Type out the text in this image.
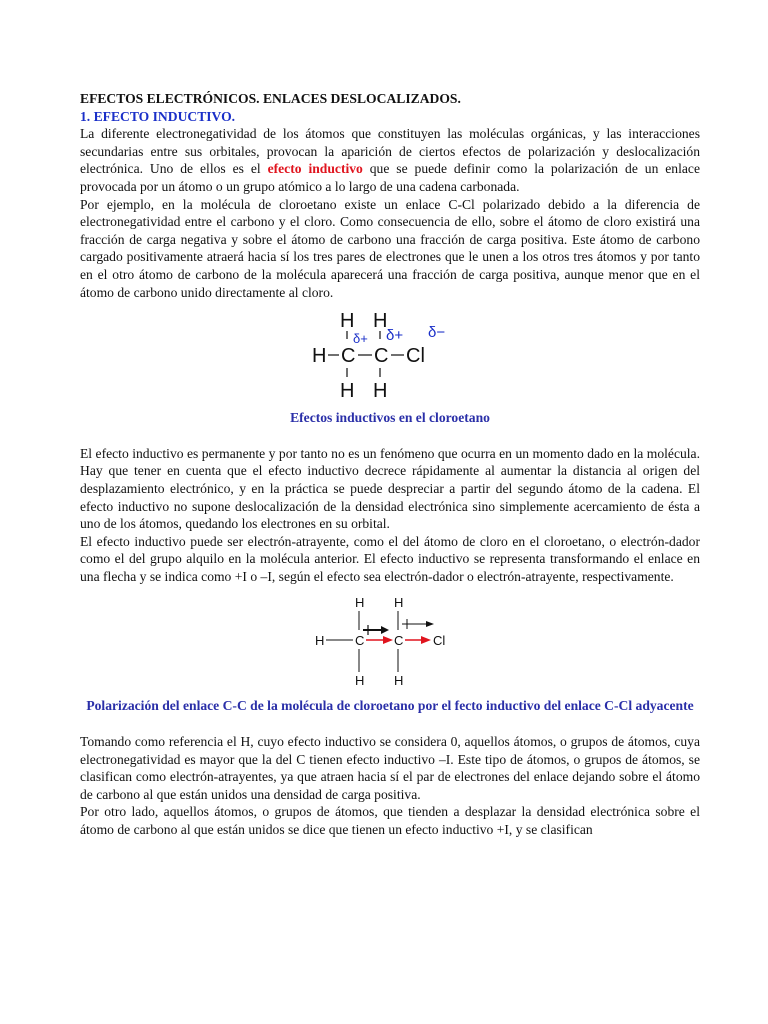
EFECTOS ELECTRÓNICOS. ENLACES DESLOCALIZADOS.

1. EFECTO INDUCTIVO.

La diferente electronegatividad de los átomos que constituyen las moléculas orgánicas, y las interacciones secundarias entre sus orbitales, provocan la aparición de ciertos efectos de polarización y deslocalización electrónica. Uno de ellos es el efecto inductivo que se puede definir como la polarización de un enlace provocada por un átomo o un grupo atómico a lo largo de una cadena carbonada.

Por ejemplo, en la molécula de cloroetano existe un enlace C-Cl polarizado debido a la diferencia de electronegatividad entre el carbono y el cloro. Como consecuencia de ello, sobre el átomo de cloro existirá una fracción de carga negativa y sobre el átomo de carbono una fracción de carga positiva. Este átomo de carbono cargado positivamente atraerá hacia sí los tres pares de electrones que le unen a los otros tres átomos y por tanto en el otro átomo de carbono de la molécula aparecerá una fracción de carga positiva, aunque menor que en el átomo de carbono unido directamente al cloro.

H H
H C C Cl
H H
δ+ δ+ δ−

Efectos inductivos en el cloroetano

El efecto inductivo es permanente y por tanto no es un fenómeno que ocurra en un momento dado en la molécula. Hay que tener en cuenta que el efecto inductivo decrece rápidamente al aumentar la distancia al origen del desplazamiento electrónico, y en la práctica se puede despreciar a partir del segundo átomo de la cadena. El efecto inductivo no supone deslocalización de la densidad electrónica sino simplemente acercamiento de ésta a uno de los átomos, quedando los electrones en su orbital.

El efecto inductivo puede ser electrón-atrayente, como el del átomo de cloro en el cloroetano, o electrón-dador como el del grupo alquilo en la molécula anterior. El efecto inductivo se representa transformando el enlace en una flecha y se indica como +I o –I, según el efecto sea electrón-dador o electrón-atrayente, respectivamente.

H H
H C C Cl
H H

Polarización del enlace C-C de la molécula de cloroetano por el fecto inductivo del enlace C-Cl adyacente

Tomando como referencia el H, cuyo efecto inductivo se considera 0, aquellos átomos, o grupos de átomos, cuya electronegatividad es mayor que la del C tienen efecto inductivo –I. Este tipo de átomos, o grupos de átomos, se clasifican como electrón-atrayentes, ya que atraen hacia sí el par de electrones del enlace dejando sobre el átomo de carbono al que están unidos una densidad de carga positiva.

Por otro lado, aquellos átomos, o grupos de átomos, que tienden a desplazar la densidad electrónica sobre el átomo de carbono al que están unidos se dice que tienen un efecto inductivo +I, y se clasifican
